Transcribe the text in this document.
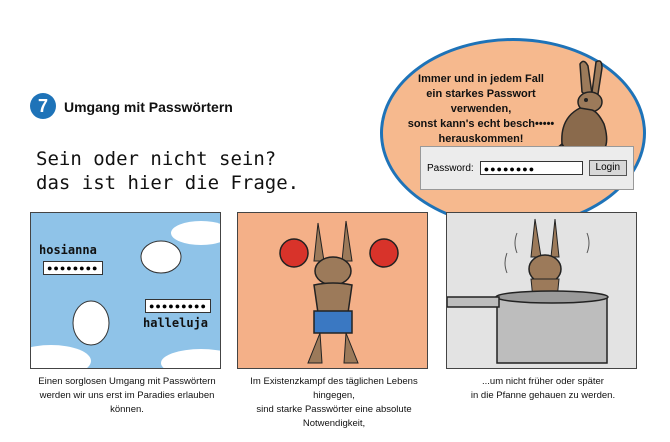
7	Umgang mit Passwörtern
Sein oder nicht sein?
das ist hier die Frage.
Immer und in jedem Fall
ein starkes Passwort verwenden,
sonst kann's echt besch•••••
herauskommen!
Password:	●●●●●●●●	Login
hosianna
●●●●●●●●
●●●●●●●●●
halleluja
Einen sorglosen Umgang mit Passwörtern
werden wir uns erst im Paradies erlauben können.
Im Existenzkampf des täglichen Lebens hingegen,
sind starke Passwörter eine absolute Notwendigkeit,
...um nicht früher oder später
in die Pfanne gehauen zu werden.
